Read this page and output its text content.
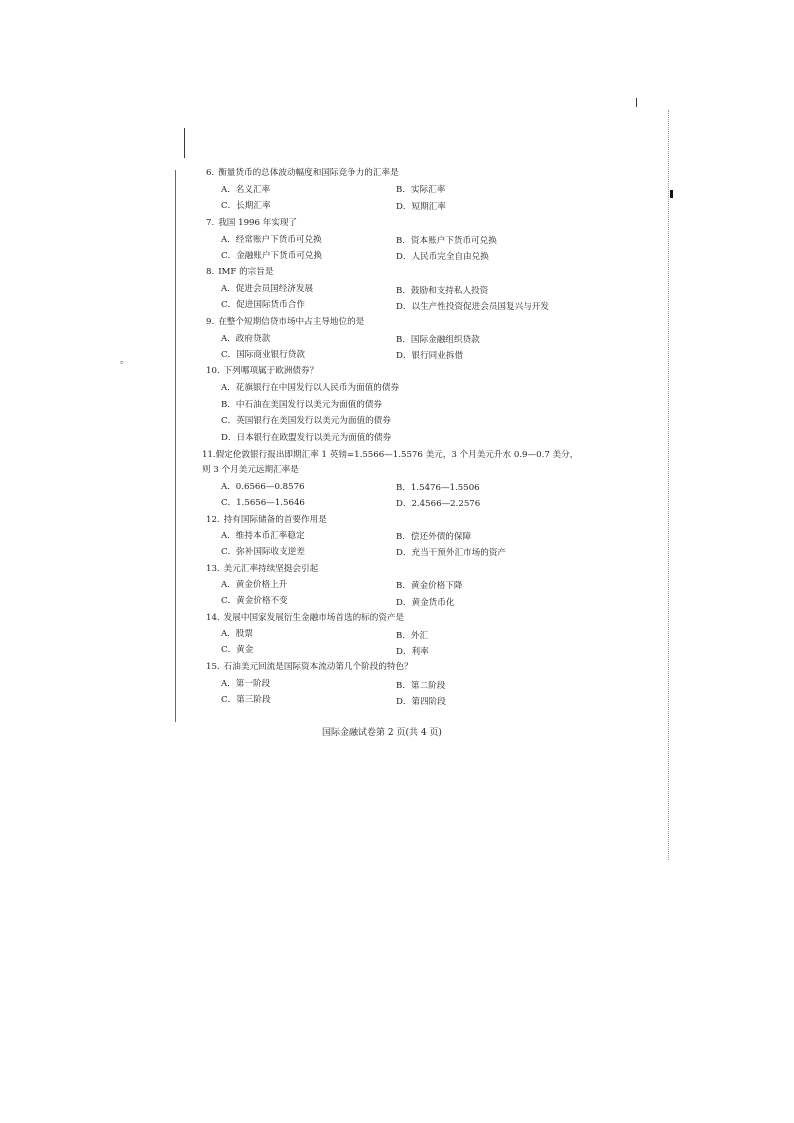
。
6. 衡量货币的总体波动幅度和国际竞争力的汇率是
A．名义汇率	B．实际汇率
C．长期汇率	D．短期汇率
7. 我国 1996 年实现了
A．经常账户下货币可兑换	B．资本账户下货币可兑换
C．金融账户下货币可兑换	D．人民币完全自由兑换
8. IMF 的宗旨是
A．促进会员国经济发展	B．鼓励和支持私人投资
C．促进国际货币合作	D．以生产性投资促进会员国复兴与开发
9. 在整个短期信贷市场中占主导地位的是
A．政府贷款	B．国际金融组织贷款
C．国际商业银行贷款	D．银行同业拆借
10. 下列哪项属于欧洲债券？
A．花旗银行在中国发行以人民币为面值的债券
B．中石油在美国发行以美元为面值的债券
C．英国银行在美国发行以美元为面值的债券
D．日本银行在欧盟发行以美元为面值的债券
11.假定伦敦银行报出即期汇率 1 英镑=1.5566—1.5576 美元，3 个月美元升水 0.9—0.7 美分，
则 3 个月美元远期汇率是
A．0.6566—0.8576	B．1.5476—1.5506
C．1.5656—1.5646	D．2.4566—2.2576
12. 持有国际储备的首要作用是
A．维持本币汇率稳定	B．偿还外债的保障
C．弥补国际收支逆差	D．充当干预外汇市场的资产
13. 美元汇率持续坚挺会引起
A．黄金价格上升	B．黄金价格下降
C．黄金价格不变	D．黄金货币化
14. 发展中国家发展衍生金融市场首选的标的资产是
A．股票	B．外汇
C．黄金	D．利率
15. 石油美元回流是国际资本流动第几个阶段的特色？
A．第一阶段	B．第二阶段
C．第三阶段	D．第四阶段
国际金融试卷第 2 页(共 4 页)
